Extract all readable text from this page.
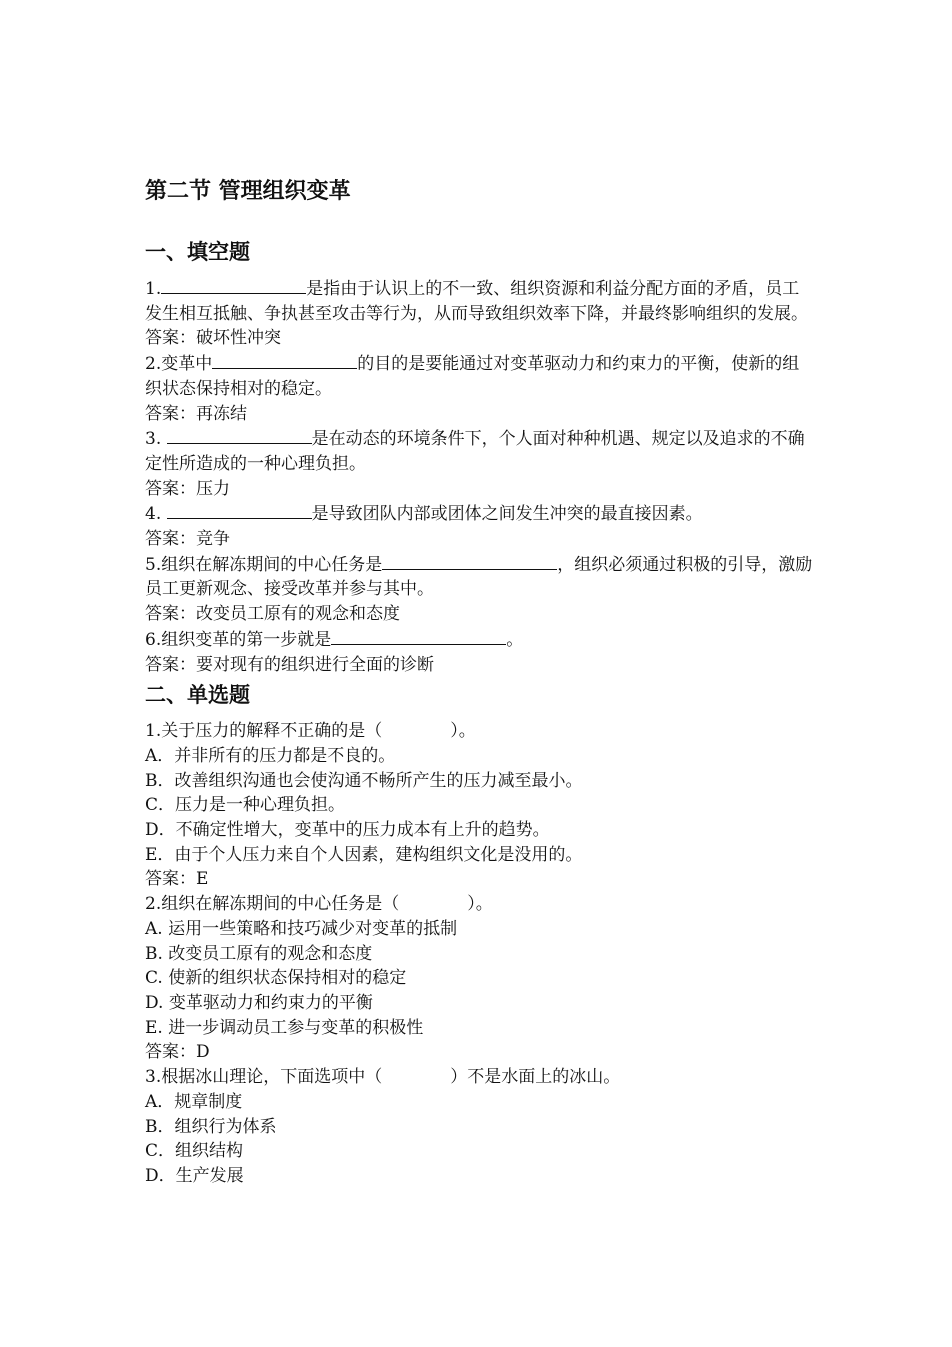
第二节 管理组织变革
一、填空题

1.	是指由于认识上的不一致、组织资源和利益分配方面的矛盾，员工发生相互抵触、争执甚至攻击等行为，从而导致组织效率下降，并最终影响组织的发展。

答案：破坏性冲突

2.变革中	的目的是要能通过对变革驱动力和约束力的平衡，使新的组织状态保持相对的稳定。

答案：再冻结

3.	是在动态的环境条件下，个人面对种种机遇、规定以及追求的不确定性所造成的一种心理负担。

答案：压力

4.	是导致团队内部或团体之间发生冲突的最直接因素。

答案：竞争

5.组织在解冻期间的中心任务是	，组织必须通过积极的引导，激励员工更新观念、接受改革并参与其中。

答案：改变员工原有的观念和态度

6.组织变革的第一步就是	。

答案：要对现有的组织进行全面的诊断

二、单选题

1.关于压力的解释不正确的是（　　　　）。

A．并非所有的压力都是不良的。

B．改善组织沟通也会使沟通不畅所产生的压力减至最小。

C．压力是一种心理负担。

D．不确定性增大，变革中的压力成本有上升的趋势。

E．由于个人压力来自个人因素，建构组织文化是没用的。

答案：E

2.组织在解冻期间的中心任务是（　　　　）。

A. 运用一些策略和技巧减少对变革的抵制

B. 改变员工原有的观念和态度

C. 使新的组织状态保持相对的稳定

D. 变革驱动力和约束力的平衡

E. 进一步调动员工参与变革的积极性

答案：D

3.根据冰山理论，下面选项中（　　　　）不是水面上的冰山。

A．规章制度

B．组织行为体系

C．组织结构

D．生产发展
